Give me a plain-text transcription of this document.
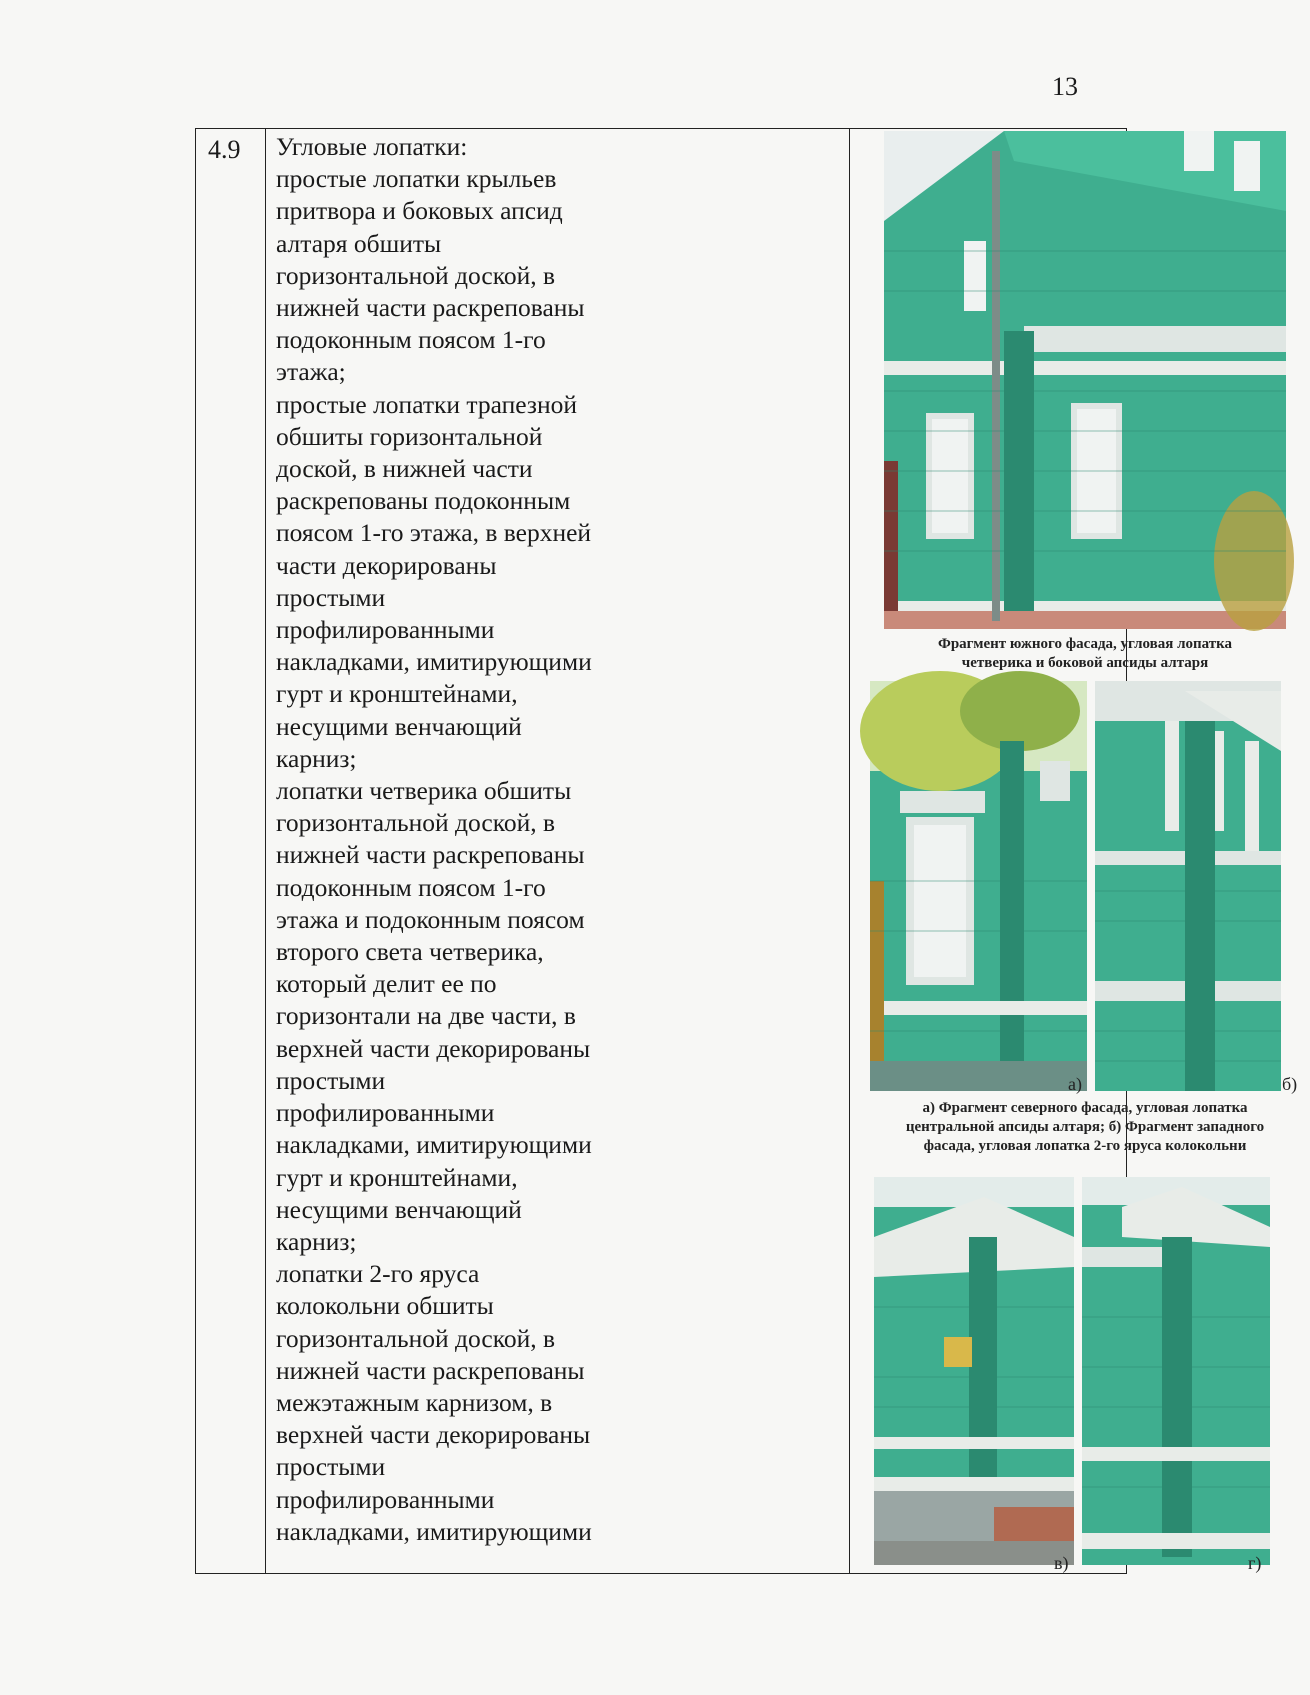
13
4.9 Угловые лопатки:
простые лопатки крыльев
притвора и боковых апсид
алтаря обшиты
горизонтальной доской, в
нижней части раскрепованы
подоконным поясом 1-го
этажа;
простые лопатки трапезной
обшиты горизонтальной
доской, в нижней части
раскрепованы подоконным
поясом 1-го этажа, в верхней
части декорированы
простыми
профилированными
накладками, имитирующими
гурт и кронштейнами,
несущими венчающий
карниз;
лопатки четверика обшиты
горизонтальной доской, в
нижней части раскрепованы
подоконным поясом 1-го
этажа и подоконным поясом
второго света четверика,
который делит ее по
горизонтали на две части, в
верхней части декорированы
простыми
профилированными
накладками, имитирующими
гурт и кронштейнами,
несущими венчающий
карниз;
лопатки 2-го яруса
колокольни обшиты
горизонтальной доской, в
нижней части раскрепованы
межэтажным карнизом, в
верхней части декорированы
простыми
профилированными
накладками, имитирующими
Фрагмент южного фасада, угловая лопатка
четверика и боковой апсиды алтаря
а)	б)
а) Фрагмент северного фасада, угловая лопатка
центральной апсиды алтаря; б) Фрагмент западного
фасада, угловая лопатка 2-го яруса колокольни
в)	г)
